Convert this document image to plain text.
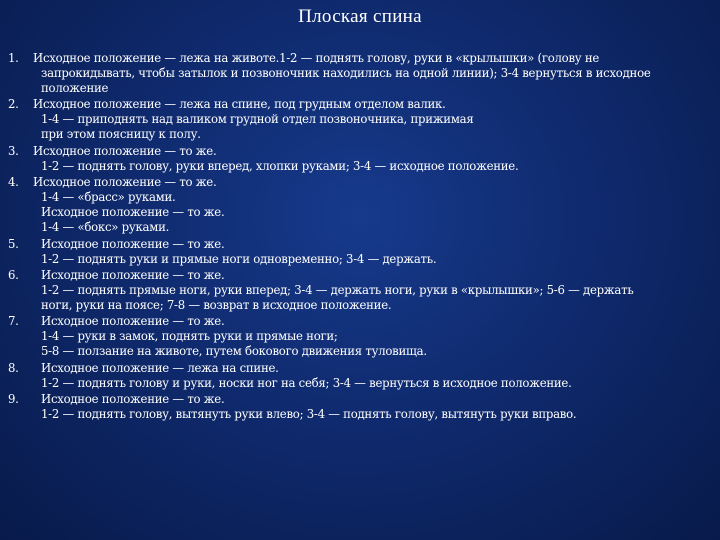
Плоская спина
1.	Исходное положение — лежа на животе.1-2 — поднять голову, руки в «крылышки» (голову не
запрокидывать, чтобы затылок и позвоночник находились на одной линии); 3-4 вернуться в исходное
положение
2.	Исходное положение — лежа на спине, под грудным отделом валик.
1-4 — приподнять над валиком грудной отдел позвоночника, прижимая
при этом поясницу к полу.
3.	Исходное положение — то же.
1-2 — поднять голову, руки вперед, хлопки руками; 3-4 — исходное положение.
4.	Исходное положение — то же.
1-4 — «брасс» руками.
Исходное положение — то же.
1-4 — «бокс» руками.
5.	Исходное положение — то же.
1-2 — поднять руки и прямые ноги одновременно; 3-4 — держать.
6.	Исходное положение — то же.
1-2 — поднять прямые ноги, руки вперед; 3-4 — держать ноги, руки в «крылышки»; 5-6 — держать
ноги, руки на поясе; 7-8 — возврат в исходное положение.
7.	Исходное положение — то же.
1-4 — руки в замок, поднять руки и прямые ноги;
5-8 — ползание на животе, путем бокового движения туловища.
8.	Исходное положение — лежа на спине.
1-2 — поднять голову и руки, носки ног на себя; 3-4 — вернуться в исходное положение.
9.	Исходное положение — то же.
1-2 — поднять голову, вытянуть руки влево; 3-4 — поднять голову, вытянуть руки вправо.
